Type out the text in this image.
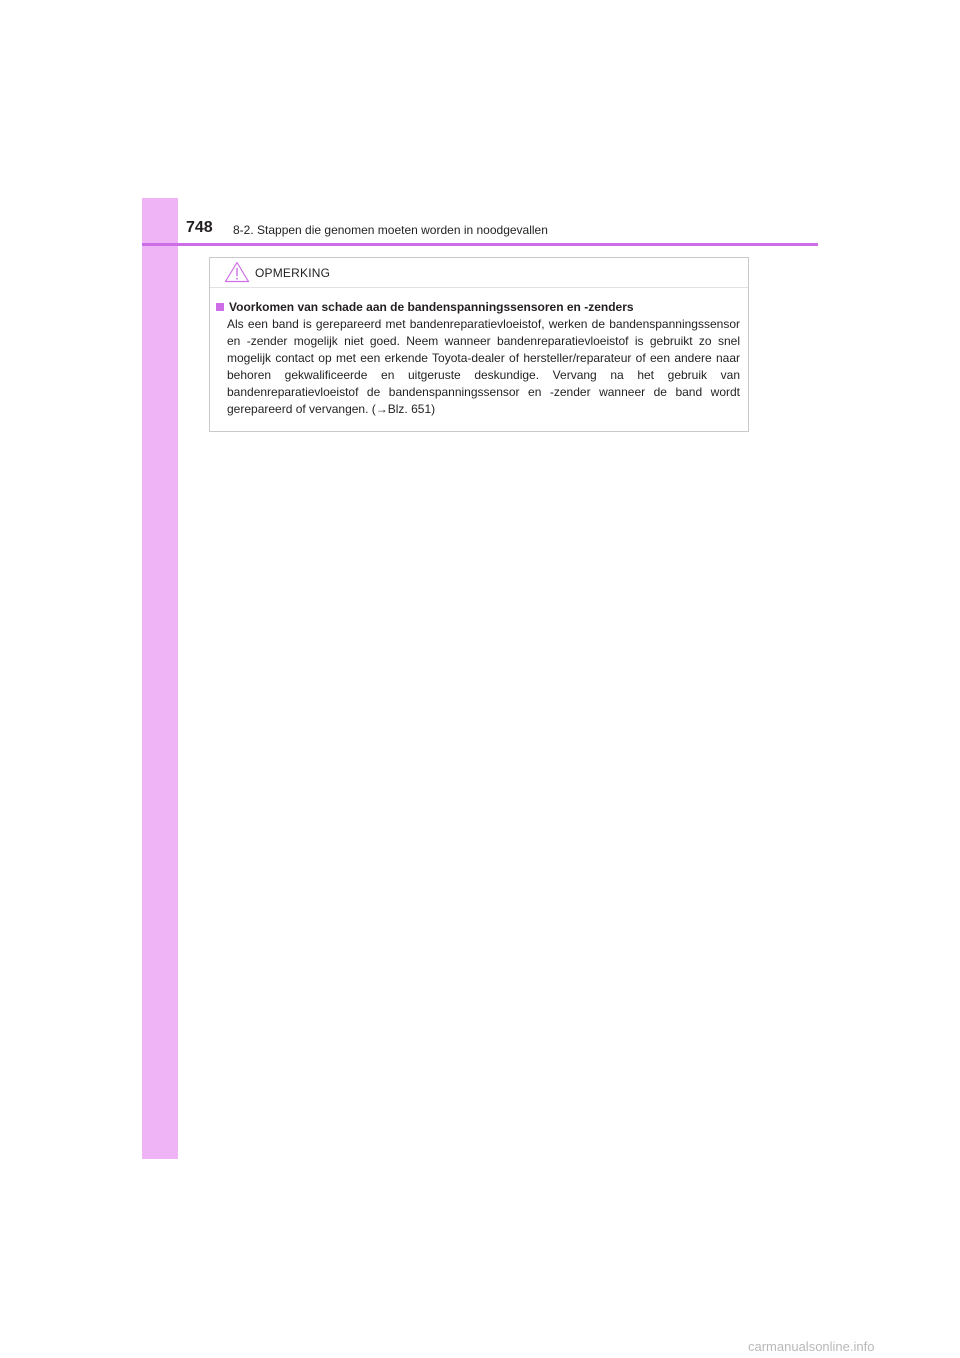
748 8-2. Stappen die genomen moeten worden in noodgevallen
OPMERKING
Voorkomen van schade aan de bandenspanningssensoren en -zenders

Als een band is gerepareerd met bandenreparatievloeistof, werken de bandenspanningssensor en -zender mogelijk niet goed. Neem wanneer bandenreparatievloeistof is gebruikt zo snel mogelijk contact op met een erkende Toyota-dealer of hersteller/reparateur of een andere naar behoren gekwalificeerde en uitgeruste deskundige. Vervang na het gebruik van bandenreparatievloeistof de bandenspanningssensor en -zender wanneer de band wordt gerepareerd of vervangen. (→Blz. 651)

carmanualsonline.info
